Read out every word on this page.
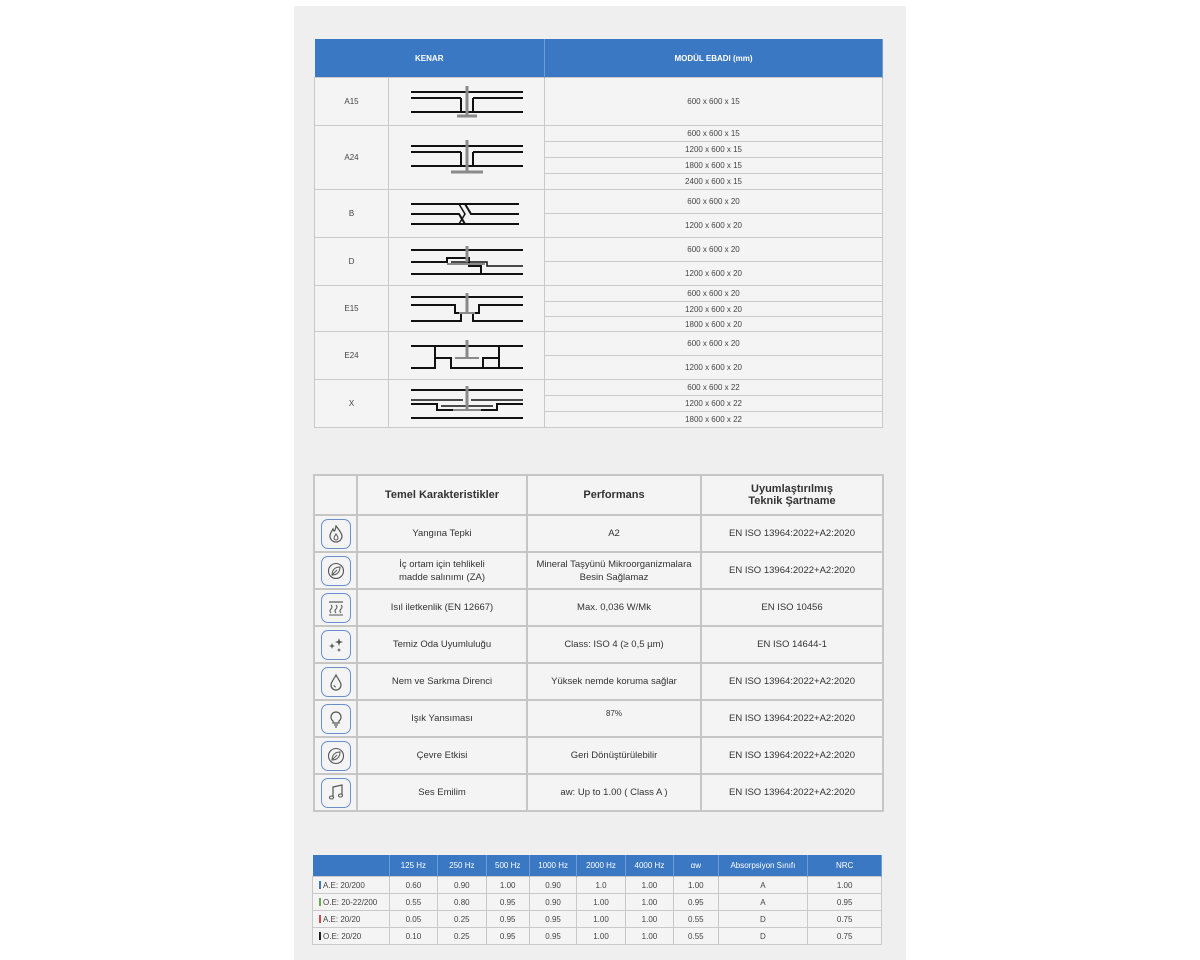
KENAR		MODÜL EBADI (mm)
A15		600 x 600 x 15
A24		600 x 600 x 15
		1200 x 600 x 15
		1800 x 600 x 15
		2400 x 600 x 15
B		600 x 600 x 20
		1200 x 600 x 20
D		600 x 600 x 20
		1200 x 600 x 20
E15		600 x 600 x 20
		1200 x 600 x 20
		1800 x 600 x 20
E24		600 x 600 x 20
		1200 x 600 x 20
X		600 x 600 x 22
		1200 x 600 x 22
		1800 x 600 x 22
	Temel Karakteristikler	Performans	Uyumlaştırılmış
Teknik Şartname

	Yangına Tepki	A2	EN ISO 13964:2022+A2:2020

	İç ortam için tehlikeli madde salınımı (ZA)	Mineral Taşyünü Mikroorganizmalara Besin Sağlamaz	EN ISO 13964:2022+A2:2020

	Isıl iletkenlik (EN 12667)	Max. 0,036 W/Mk	EN ISO 10456

	Temiz Oda Uyumluluğu	Class: ISO 4 (≥ 0,5 µm)	EN ISO 14644-1

	Nem ve Sarkma Direnci	Yüksek nemde koruma sağlar	EN ISO 13964:2022+A2:2020

	Işık Yansıması	87%	EN ISO 13964:2022+A2:2020

	Çevre Etkisi	Geri Dönüştürülebilir	EN ISO 13964:2022+A2:2020

	Ses Emilim	aw: Up to 1.00 ( Class A )	EN ISO 13964:2022+A2:2020
	125 Hz	250 Hz	500 Hz	1000 Hz	2000 Hz	4000 Hz	αw	Absorpsiyon Sınıfı	NRC
A.E: 20/200	0.60	0.90	1.00	0.90	1.0	1.00	1.00	A	1.00
O.E: 20-22/200	0.55	0.80	0.95	0.90	1.00	1.00	0.95	A	0.95
A.E: 20/20	0.05	0.25	0.95	0.95	1.00	1.00	0.55	D	0.75
O.E: 20/20	0.10	0.25	0.95	0.95	1.00	1.00	0.55	D	0.75
